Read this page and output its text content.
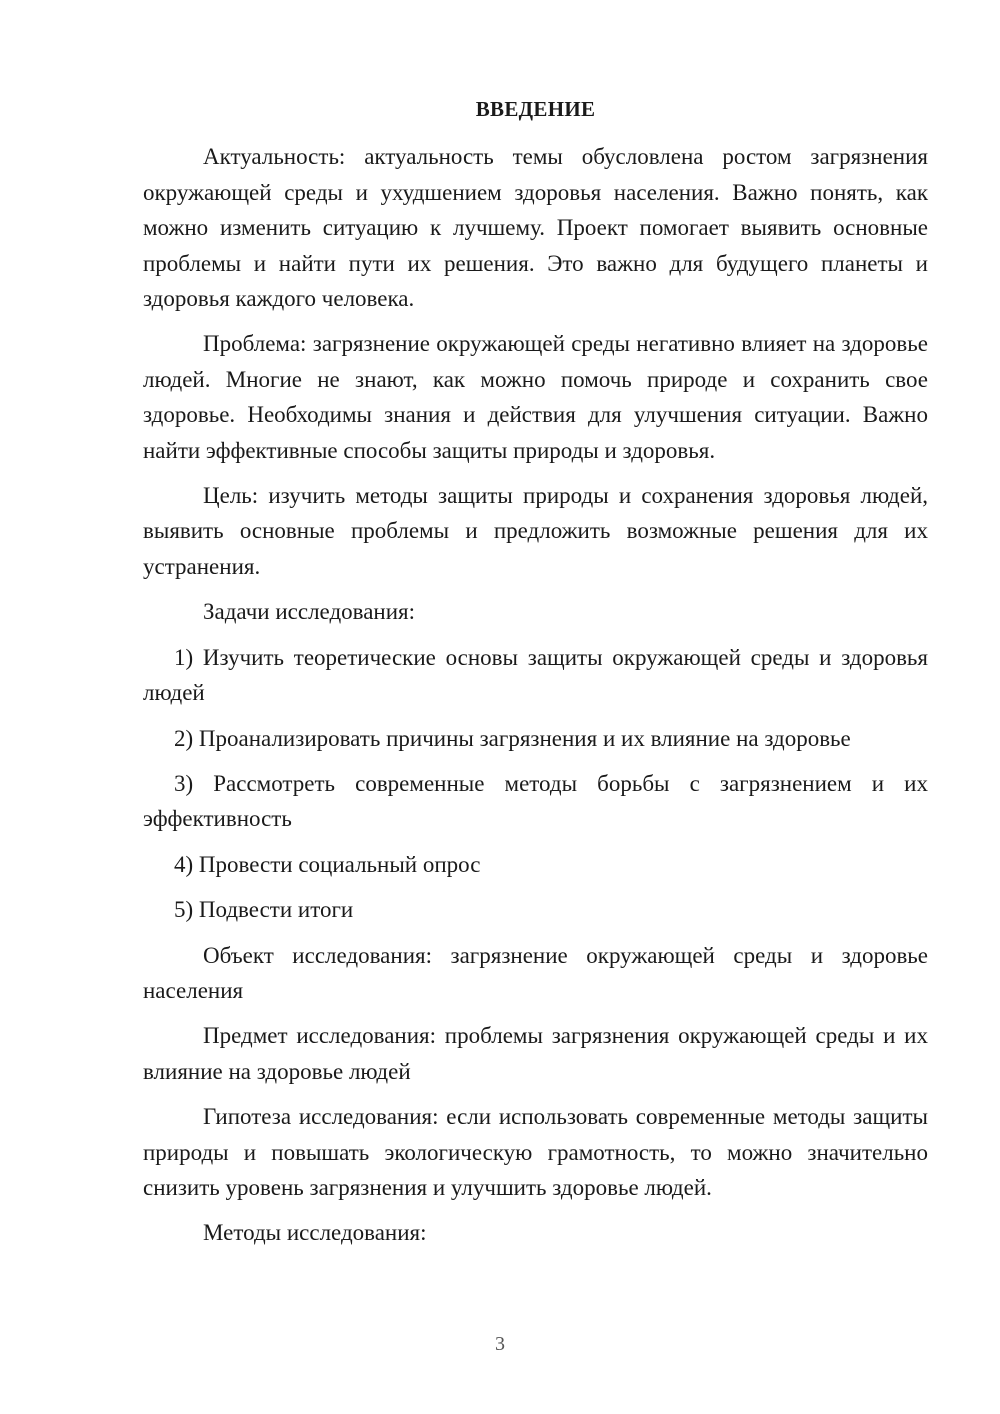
ВВЕДЕНИЕ

Актуальность: актуальность темы обусловлена ростом загрязнения окружающей среды и ухудшением здоровья населения. Важно понять, как можно изменить ситуацию к лучшему. Проект помогает выявить основные проблемы и найти пути их решения. Это важно для будущего планеты и здоровья каждого человека.

Проблема: загрязнение окружающей среды негативно влияет на здоровье людей. Многие не знают, как можно помочь природе и сохранить свое здоровье. Необходимы знания и действия для улучшения ситуации. Важно найти эффективные способы защиты природы и здоровья.

Цель: изучить методы защиты природы и сохранения здоровья людей, выявить основные проблемы и предложить возможные решения для их устранения.

Задачи исследования:

1) Изучить теоретические основы защиты окружающей среды и здоровья людей

2) Проанализировать причины загрязнения и их влияние на здоровье

3) Рассмотреть современные методы борьбы с загрязнением и их эффективность

4) Провести социальный опрос

5) Подвести итоги

Объект исследования: загрязнение окружающей среды и здоровье населения

Предмет исследования: проблемы загрязнения окружающей среды и их влияние на здоровье людей

Гипотеза исследования: если использовать современные методы защиты природы и повышать экологическую грамотность, то можно значительно снизить уровень загрязнения и улучшить здоровье людей.

Методы исследования:

3
